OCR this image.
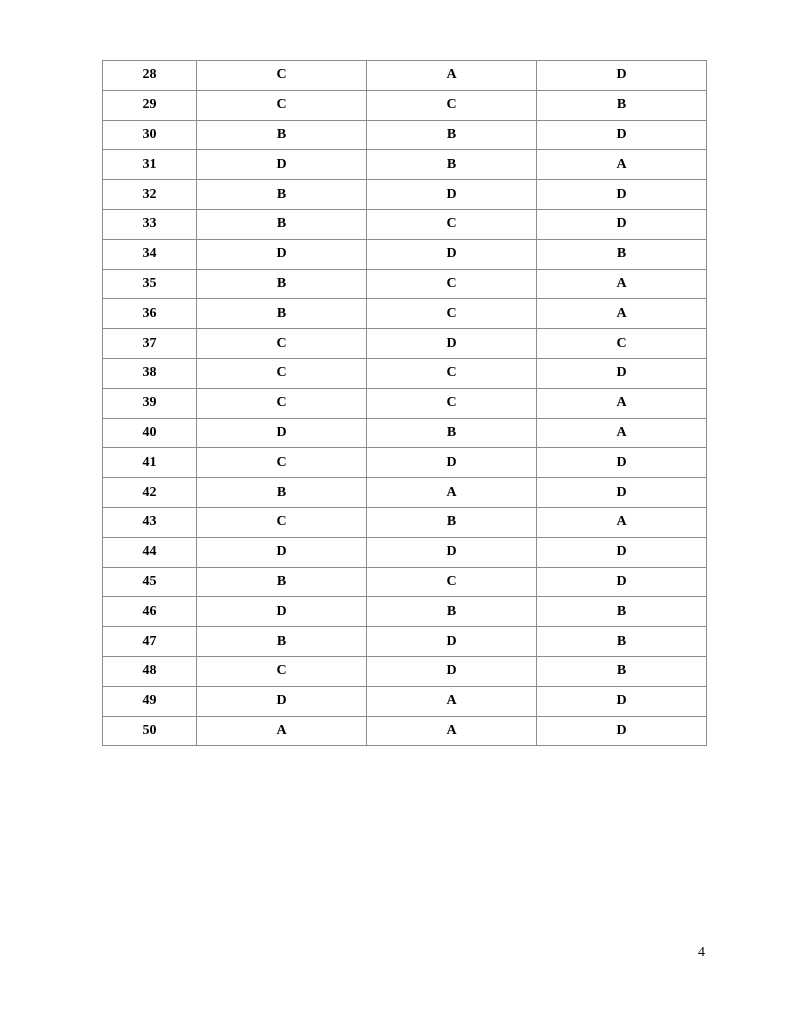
28	C	A	D
29	C	C	B
30	B	B	D
31	D	B	A
32	B	D	D
33	B	C	D
34	D	D	B
35	B	C	A
36	B	C	A
37	C	D	C
38	C	C	D
39	C	C	A
40	D	B	A
41	C	D	D
42	B	A	D
43	C	B	A
44	D	D	D
45	B	C	D
46	D	B	B
47	B	D	B
48	C	D	B
49	D	A	D
50	A	A	D
4
